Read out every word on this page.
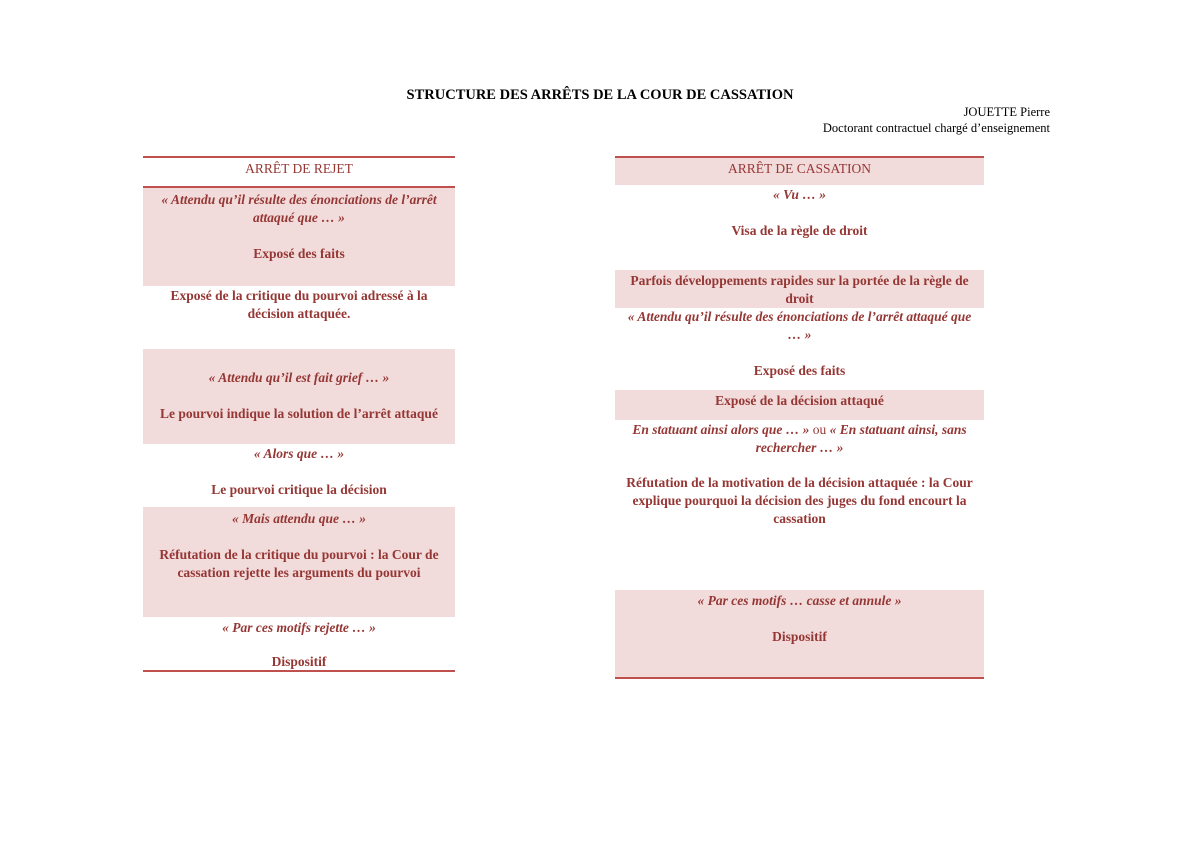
STRUCTURE DES ARRÊTS DE LA COUR DE CASSATION
JOUETTE Pierre
Doctorant contractuel chargé d’enseignement
ARRÊT DE REJET
« Attendu qu’il résulte des énonciations de l’arrêt attaqué que … »
Exposé des faits
Exposé de la critique du pourvoi adressé à la décision attaquée.
« Attendu qu’il est fait grief … »
Le pourvoi indique la solution de l’arrêt attaqué
« Alors que … »
Le pourvoi critique la décision
« Mais attendu que … »
Réfutation de la critique du pourvoi : la Cour de cassation rejette les arguments du pourvoi
« Par ces motifs rejette … »
Dispositif
ARRÊT DE CASSATION
« Vu … »
Visa de la règle de droit
Parfois développements rapides sur la portée de la règle de droit
« Attendu qu’il résulte des énonciations de l’arrêt attaqué que … »
Exposé des faits
Exposé de la décision attaqué
En statuant ainsi alors que … » ou « En statuant ainsi, sans rechercher … »
Réfutation de la motivation de la décision attaquée : la Cour explique pourquoi la décision des juges du fond encourt la cassation
« Par ces motifs … casse et annule »
Dispositif
